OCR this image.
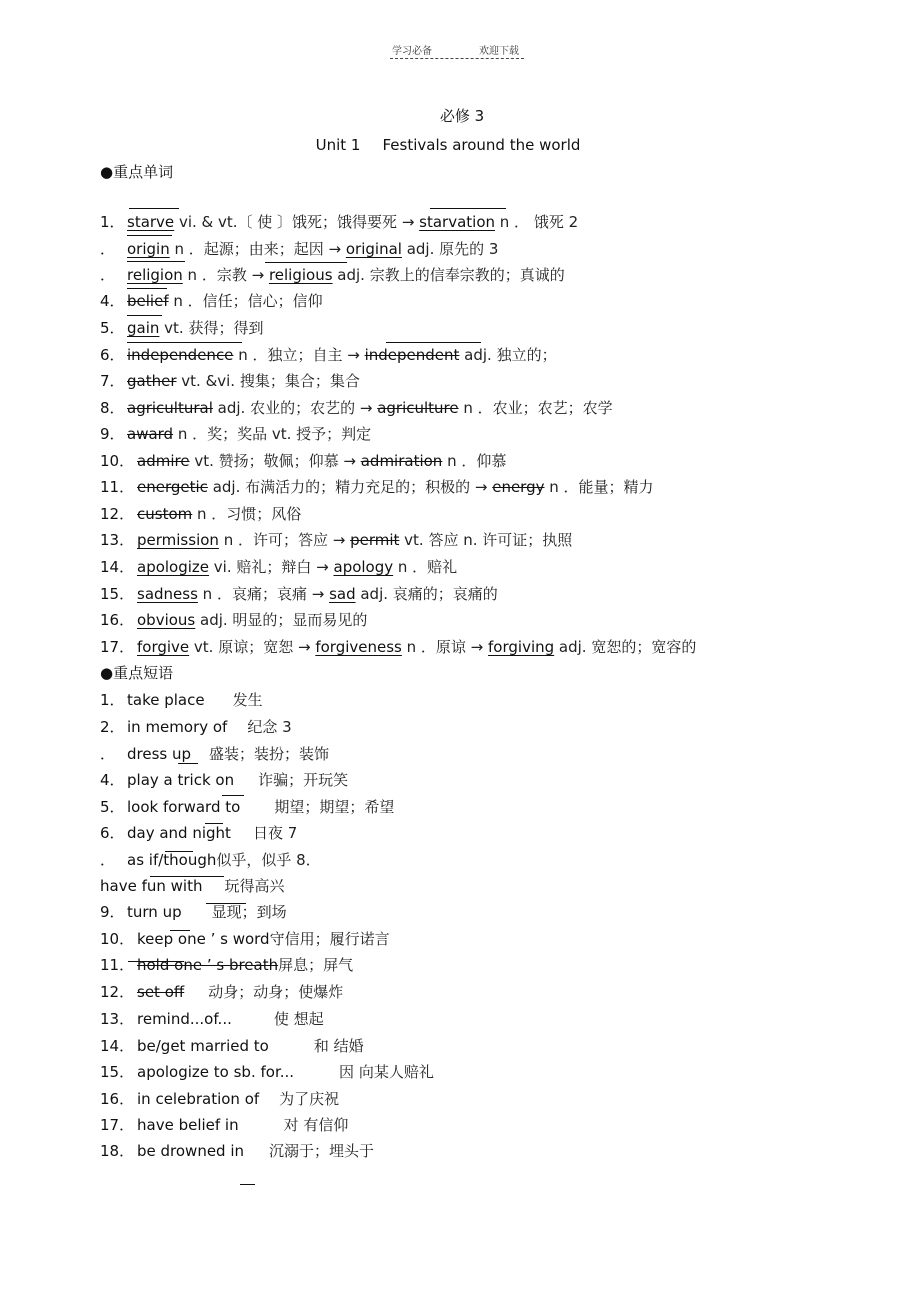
学习必备	欢迎下载
必修 3
Unit 1 Festivals around the world
●重点单词
1． starve vi. & vt.〔 使 〕饿死；饿得要死 → starvation n ． 饿死 2
． origin n ．起源；由来；起因 → original adj. 原先的 3
． religion n ．宗教 → religious adj. 宗教上的信奉宗教的；真诚的
4． belief n ．信任；信心；信仰
5． gain vt. 获得；得到
6． independence n ．独立；自主 → independent adj. 独立的；
7． gather vt. &vi. 搜集；集合；集合
8． agricultural adj. 农业的；农艺的 → agriculture n ．农业；农艺；农学
9． award n ．奖；奖品 vt. 授予；判定
10． admire vt. 赞扬；敬佩；仰慕 → admiration n ．仰慕
11． energetic adj. 布满活力的；精力充足的；积极的 → energy n ．能量；精力
12． custom n ．习惯；风俗
13． permission n ．许可；答应 → permit vt. 答应 n. 许可证；执照
14． apologize vi. 赔礼；辩白 → apology n ．赔礼
15． sadness n ．哀痛；哀痛 → sad adj. 哀痛的；哀痛的
16． obvious adj. 明显的；显而易见的
17． forgive vt. 原谅；宽恕 → forgiveness n ．原谅 → forgiving adj. 宽恕的；宽容的
●重点短语
1． take place 发生
2． in memory of 纪念 3
． dress up 盛装；装扮；装饰
4． play a trick on 诈骗；开玩笑
5． look forward to 期望；期望；希望
6． day and night 日夜 7
． as if/though似乎，似乎 8．
have fun with 玩得高兴
9． turn up 显现；到场
10． keep one ’ s word守信用；履行诺言
11． hold one ’ s breath屏息；屏气
12． set off 动身；动身；使爆炸
13． remind...of...	使 想起
14． be/get married to	和 结婚
15． apologize to sb. for...	因 向某人赔礼
16． in celebration of 为了庆祝
17． have belief in	对 有信仰
18． be drowned in 沉溺于；埋头于
